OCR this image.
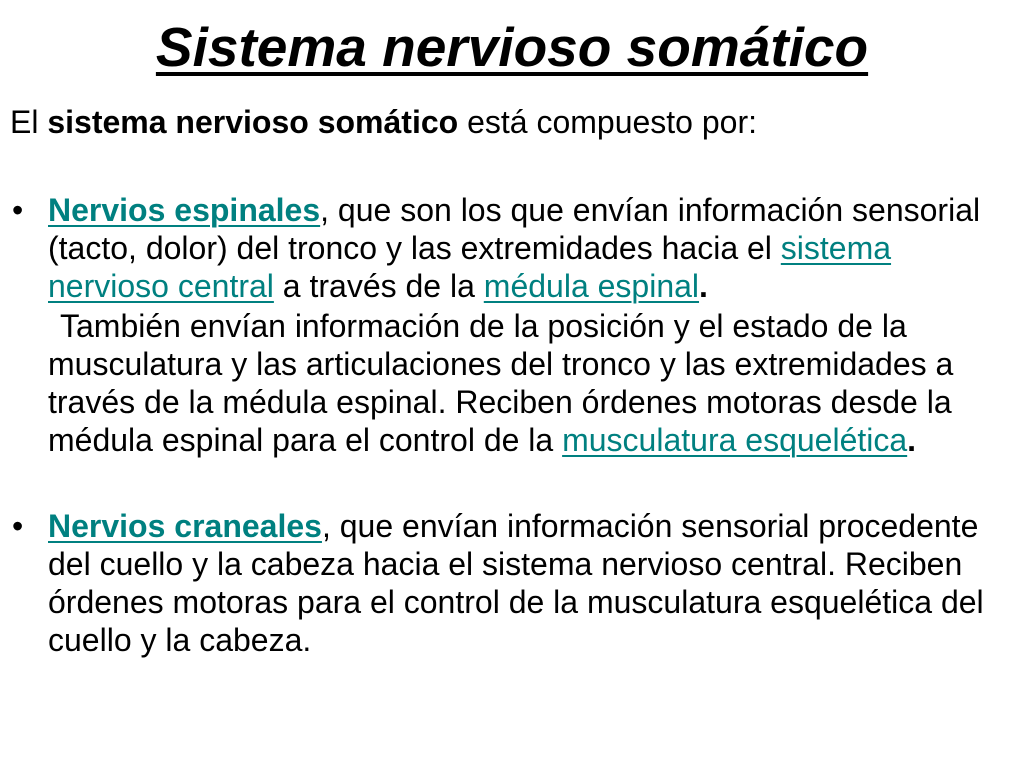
Sistema nervioso somático

El sistema nervioso somático está compuesto por:

• Nervios espinales, que son los que envían información sensorial (tacto, dolor) del tronco y las extremidades hacia el sistema nervioso central a través de la médula espinal.

También envían información de la posición y el estado de la musculatura y las articulaciones del tronco y las extremidades a través de la médula espinal. Reciben órdenes motoras desde la médula espinal para el control de la musculatura esquelética.

• Nervios craneales, que envían información sensorial procedente del cuello y la cabeza hacia el sistema nervioso central. Reciben órdenes motoras para el control de la musculatura esquelética del cuello y la cabeza.
